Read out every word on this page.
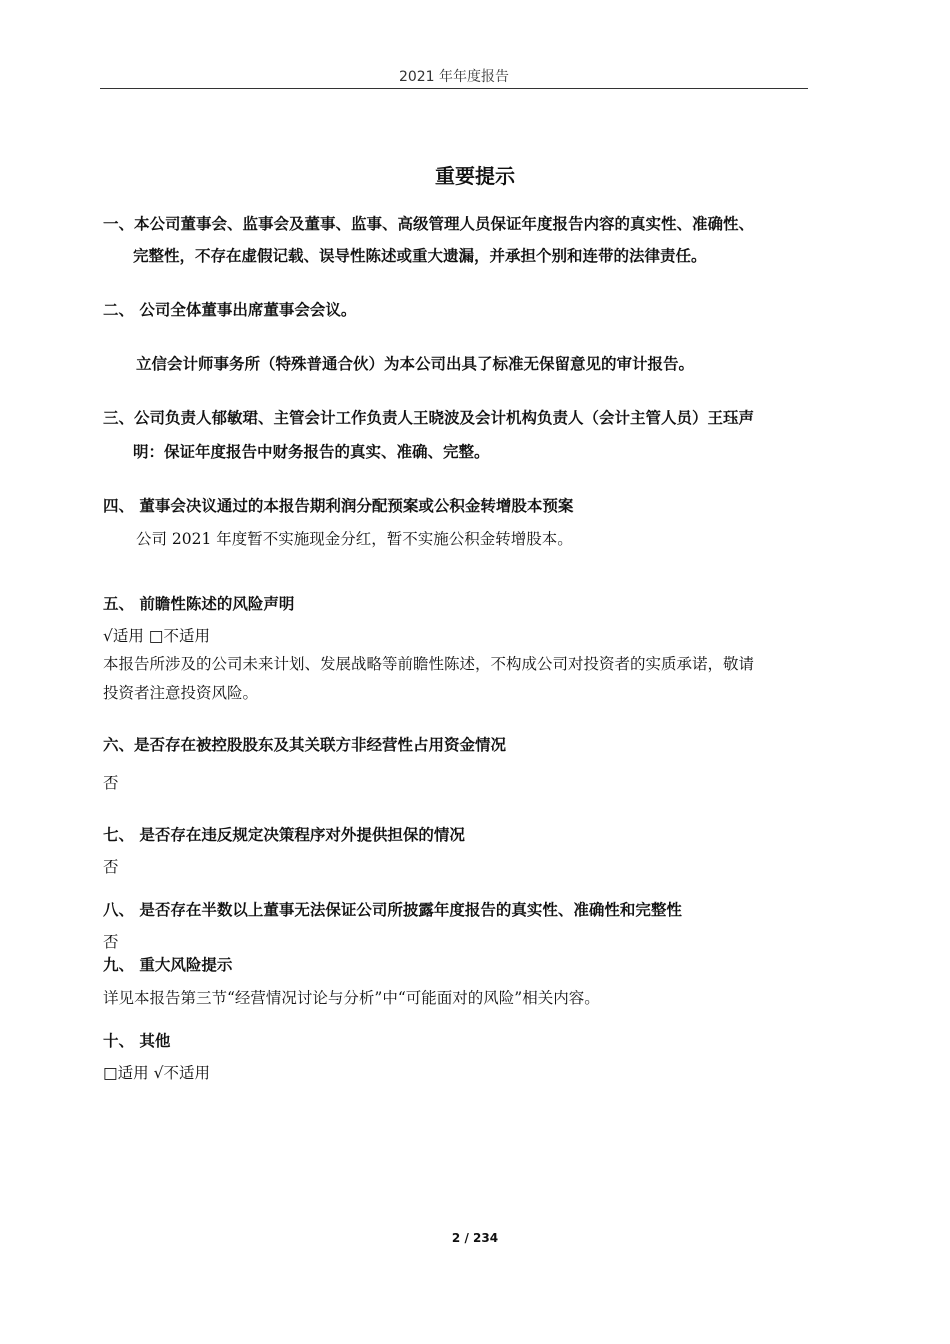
2021 年年度报告
重要提示
一、本公司董事会、监事会及董事、监事、高级管理人员保证年度报告内容的真实性、准确性、
完整性，不存在虚假记载、误导性陈述或重大遗漏，并承担个别和连带的法律责任。
二、 公司全体董事出席董事会会议。
立信会计师事务所（特殊普通合伙）为本公司出具了标准无保留意见的审计报告。
三、公司负责人郁敏珺、主管会计工作负责人王晓波及会计机构负责人（会计主管人员）王珏声
明：保证年度报告中财务报告的真实、准确、完整。
四、 董事会决议通过的本报告期利润分配预案或公积金转增股本预案
公司 2021 年度暂不实施现金分红，暂不实施公积金转增股本。
五、 前瞻性陈述的风险声明
√适用 □不适用
本报告所涉及的公司未来计划、发展战略等前瞻性陈述，不构成公司对投资者的实质承诺，敬请
投资者注意投资风险。
六、是否存在被控股股东及其关联方非经营性占用资金情况
否
七、 是否存在违反规定决策程序对外提供担保的情况
否
八、 是否存在半数以上董事无法保证公司所披露年度报告的真实性、准确性和完整性
否
九、 重大风险提示
详见本报告第三节“经营情况讨论与分析”中“可能面对的风险”相关内容。
十、 其他
□适用 √不适用
2 / 234
